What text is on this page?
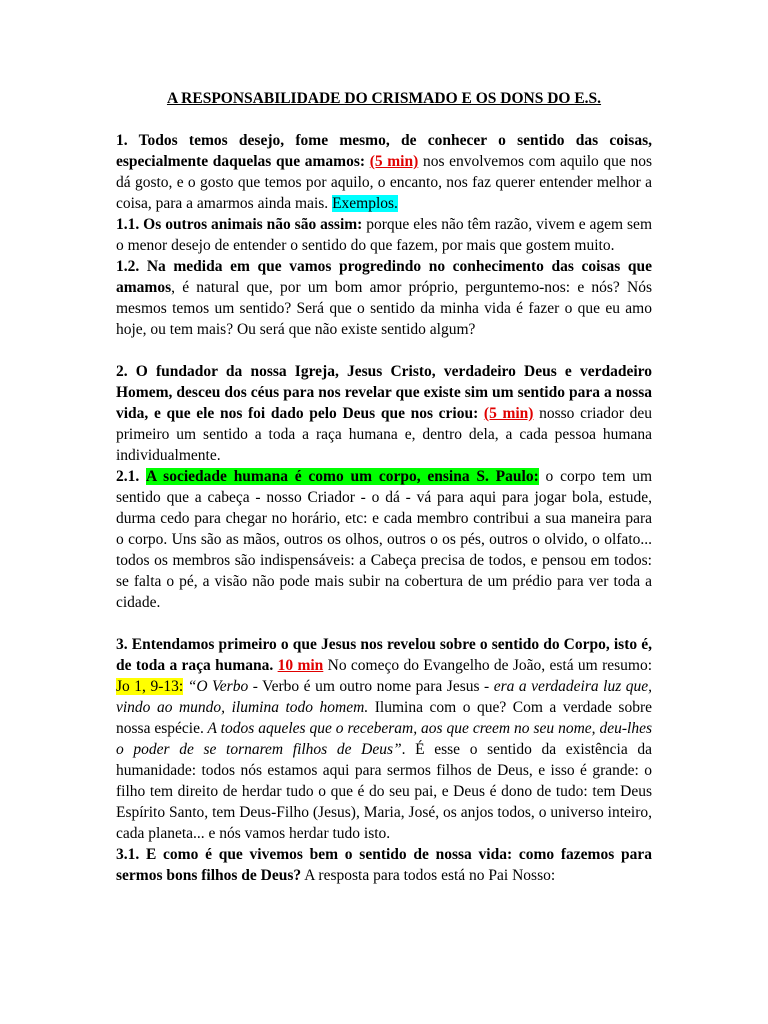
A RESPONSABILIDADE DO CRISMADO E OS DONS DO E.S.

1. Todos temos desejo, fome mesmo, de conhecer o sentido das coisas, especialmente daquelas que amamos: (5 min) nos envolvemos com aquilo que nos dá gosto, e o gosto que temos por aquilo, o encanto, nos faz querer entender melhor a coisa, para a amarmos ainda mais. Exemplos.

1.1. Os outros animais não são assim: porque eles não têm razão, vivem e agem sem o menor desejo de entender o sentido do que fazem, por mais que gostem muito.

1.2. Na medida em que vamos progredindo no conhecimento das coisas que amamos, é natural que, por um bom amor próprio, perguntemo-nos: e nós? Nós mesmos temos um sentido? Será que o sentido da minha vida é fazer o que eu amo hoje, ou tem mais? Ou será que não existe sentido algum?

2. O fundador da nossa Igreja, Jesus Cristo, verdadeiro Deus e verdadeiro Homem, desceu dos céus para nos revelar que existe sim um sentido para a nossa vida, e que ele nos foi dado pelo Deus que nos criou: (5 min) nosso criador deu primeiro um sentido a toda a raça humana e, dentro dela, a cada pessoa humana individualmente.

2.1. A sociedade humana é como um corpo, ensina S. Paulo: o corpo tem um sentido que a cabeça - nosso Criador - o dá - vá para aqui para jogar bola, estude, durma cedo para chegar no horário, etc: e cada membro contribui a sua maneira para o corpo. Uns são as mãos, outros os olhos, outros o os pés, outros o olvido, o olfato... todos os membros são indispensáveis: a Cabeça precisa de todos, e pensou em todos: se falta o pé, a visão não pode mais subir na cobertura de um prédio para ver toda a cidade.

3. Entendamos primeiro o que Jesus nos revelou sobre o sentido do Corpo, isto é, de toda a raça humana. 10 min No começo do Evangelho de João, está um resumo: Jo 1, 9-13: “O Verbo - Verbo é um outro nome para Jesus - era a verdadeira luz que, vindo ao mundo, ilumina todo homem. Ilumina com o que? Com a verdade sobre nossa espécie. A todos aqueles que o receberam, aos que creem no seu nome, deu-lhes o poder de se tornarem filhos de Deus”. É esse o sentido da existência da humanidade: todos nós estamos aqui para sermos filhos de Deus, e isso é grande: o filho tem direito de herdar tudo o que é do seu pai, e Deus é dono de tudo: tem Deus Espírito Santo, tem Deus-Filho (Jesus), Maria, José, os anjos todos, o universo inteiro, cada planeta... e nós vamos herdar tudo isto.

3.1. E como é que vivemos bem o sentido de nossa vida: como fazemos para sermos bons filhos de Deus? A resposta para todos está no Pai Nosso:
